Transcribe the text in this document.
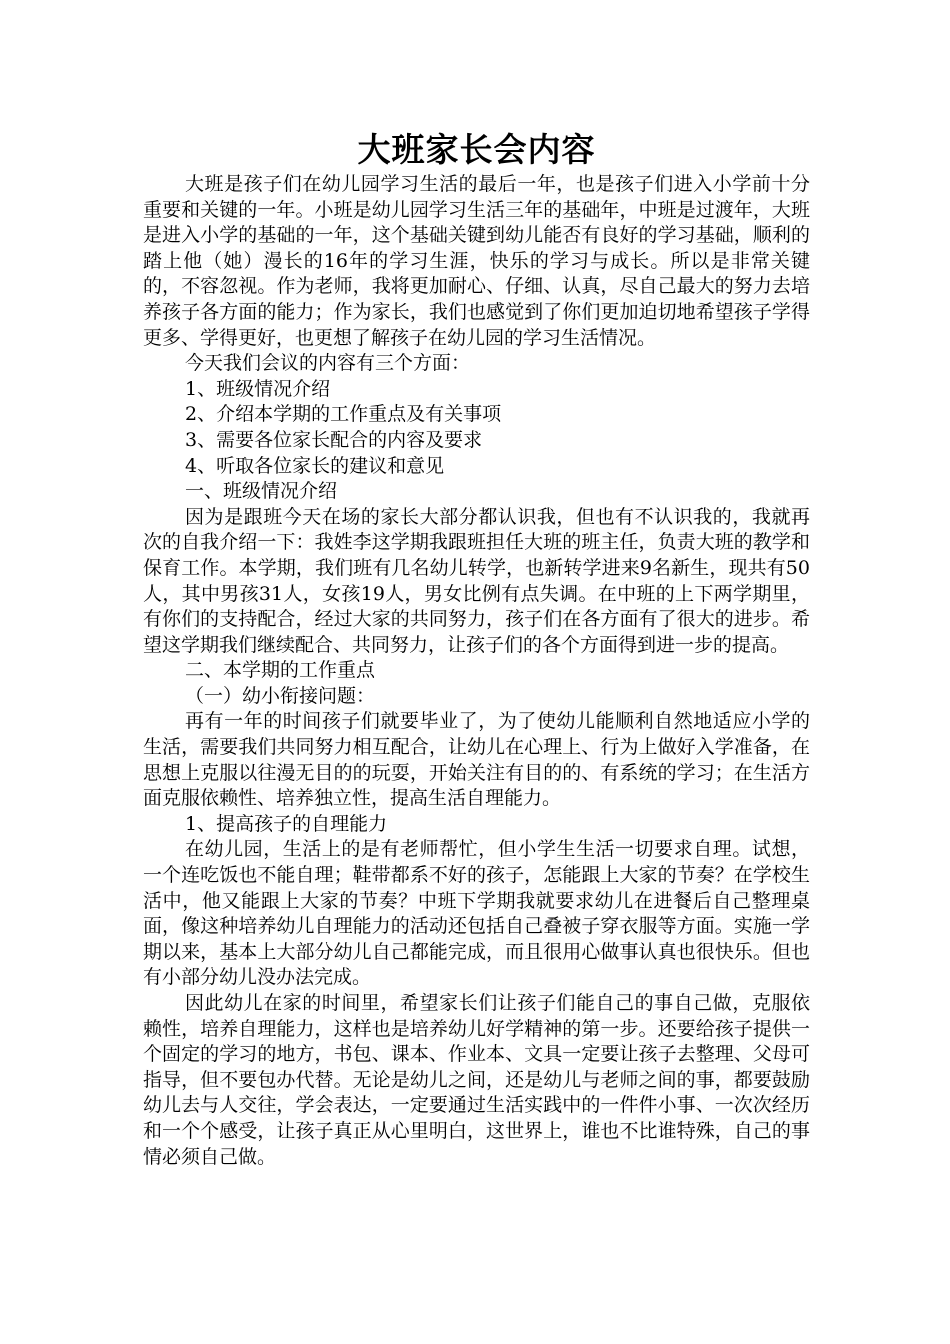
大班家长会内容

大班是孩子们在幼儿园学习生活的最后一年，也是孩子们进入小学前十分重要和关键的一年。小班是幼儿园学习生活三年的基础年，中班是过渡年，大班是进入小学的基础的一年，这个基础关键到幼儿能否有良好的学习基础，顺利的踏上他（她）漫长的16年的学习生涯，快乐的学习与成长。所以是非常关键的，不容忽视。作为老师，我将更加耐心、仔细、认真，尽自己最大的努力去培养孩子各方面的能力；作为家长，我们也感觉到了你们更加迫切地希望孩子学得更多、学得更好，也更想了解孩子在幼儿园的学习生活情况。

今天我们会议的内容有三个方面：

1、班级情况介绍

2、介绍本学期的工作重点及有关事项

3、需要各位家长配合的内容及要求

4、听取各位家长的建议和意见

一、班级情况介绍

因为是跟班今天在场的家长大部分都认识我，但也有不认识我的，我就再次的自我介绍一下：我姓李这学期我跟班担任大班的班主任，负责大班的教学和保育工作。本学期，我们班有几名幼儿转学，也新转学进来9名新生，现共有50人，其中男孩31人，女孩19人，男女比例有点失调。在中班的上下两学期里，有你们的支持配合，经过大家的共同努力，孩子们在各方面有了很大的进步。希望这学期我们继续配合、共同努力，让孩子们的各个方面得到进一步的提高。

二、本学期的工作重点

（一）幼小衔接问题：

再有一年的时间孩子们就要毕业了，为了使幼儿能顺利自然地适应小学的生活，需要我们共同努力相互配合，让幼儿在心理上、行为上做好入学准备，在思想上克服以往漫无目的的玩耍，开始关注有目的的、有系统的学习；在生活方面克服依赖性、培养独立性，提高生活自理能力。

1、提高孩子的自理能力

在幼儿园，生活上的是有老师帮忙，但小学生生活一切要求自理。试想，一个连吃饭也不能自理；鞋带都系不好的孩子，怎能跟上大家的节奏？在学校生活中，他又能跟上大家的节奏？中班下学期我就要求幼儿在进餐后自己整理桌面，像这种培养幼儿自理能力的活动还包括自己叠被子穿衣服等方面。实施一学期以来，基本上大部分幼儿自己都能完成，而且很用心做事认真也很快乐。但也有小部分幼儿没办法完成。

因此幼儿在家的时间里，希望家长们让孩子们能自己的事自己做，克服依赖性，培养自理能力，这样也是培养幼儿好学精神的第一步。还要给孩子提供一个固定的学习的地方，书包、课本、作业本、文具一定要让孩子去整理、父母可指导，但不要包办代替。无论是幼儿之间，还是幼儿与老师之间的事，都要鼓励幼儿去与人交往，学会表达，一定要通过生活实践中的一件件小事、一次次经历和一个个感受，让孩子真正从心里明白，这世界上，谁也不比谁特殊，自己的事情必须自己做。
